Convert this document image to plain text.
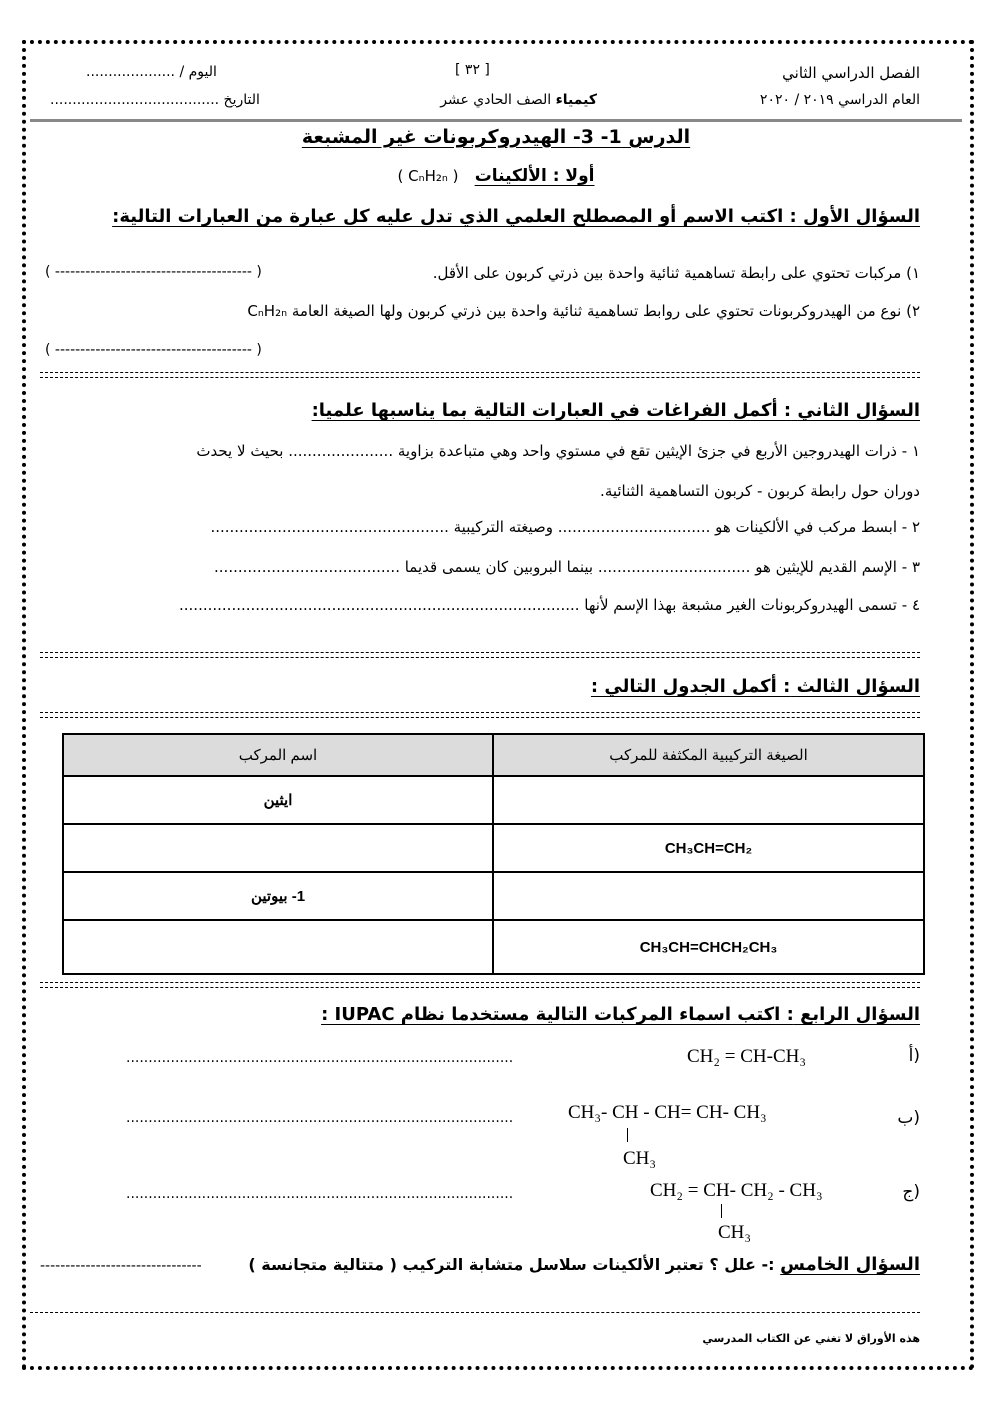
الفصل الدراسي الثاني
العام الدراسي ٢٠١٩ / ٢٠٢٠
[ ٣٢ ]
كيمياء الصف الحادي عشر
اليوم / ....................
التاريخ ......................................
الدرس 1- 3- الهيدروكربونات غير المشبعة
أولا : الألكينات   ( CₙH₂ₙ )
السؤال الأول : اكتب الاسم أو المصطلح العلمي الذي تدل عليه كل عبارة من العبارات التالية:
١) مركبات تحتوي على رابطة تساهمية ثنائية واحدة بين ذرتي كربون على الأقل.
( --------------------------------------- )
٢) نوع من الهيدروكربونات تحتوي على روابط تساهمية ثنائية واحدة بين ذرتي كربون ولها الصيغة العامة CₙH₂ₙ
( --------------------------------------- )
السؤال الثاني : أكمل الفراغات في العبارات التالية بما يناسبها علميا:
١ - ذرات الهيدروجين الأربع في جزئ الإيثين تقع في مستوي واحد وهي متباعدة بزاوية ...................... بحيث لا يحدث
دوران حول رابطة كربون - كربون التساهمية الثنائية.
٢ - ابسط مركب في الألكينات هو ................................ وصيغته التركيبية ..................................................
٣ - الإسم القديم للإيثين هو ................................ بينما البروبين كان يسمى قديما .......................................
٤ - تسمى الهيدروكربونات الغير مشبعة بهذا الإسم لأنها ....................................................................................
السؤال الثالث : أكمل الجدول التالي :
الصيغة التركيبية المكثفة للمركب	اسم المركب
	ايثين
CH₃CH=CH₂	
	1- بيوتين
CH₃CH=CHCH₂CH₃	
السؤال الرابع : اكتب اسماء المركبات التالية مستخدما نظام IUPAC :
(أ
CH₂ = CH-CH₃
.......................................................................................
(ب
CH₃- CH - CH= CH- CH₃
CH₃
.......................................................................................
(ج
CH₂ = CH- CH₂ - CH₃
CH₃
.......................................................................................
السؤال الخامس :- علل ؟ تعتبر الألكينات سلاسل متشابة التركيب ( متتالية متجانسة )
--------------------------------
هذه الأوراق لا تغني عن الكتاب المدرسي
